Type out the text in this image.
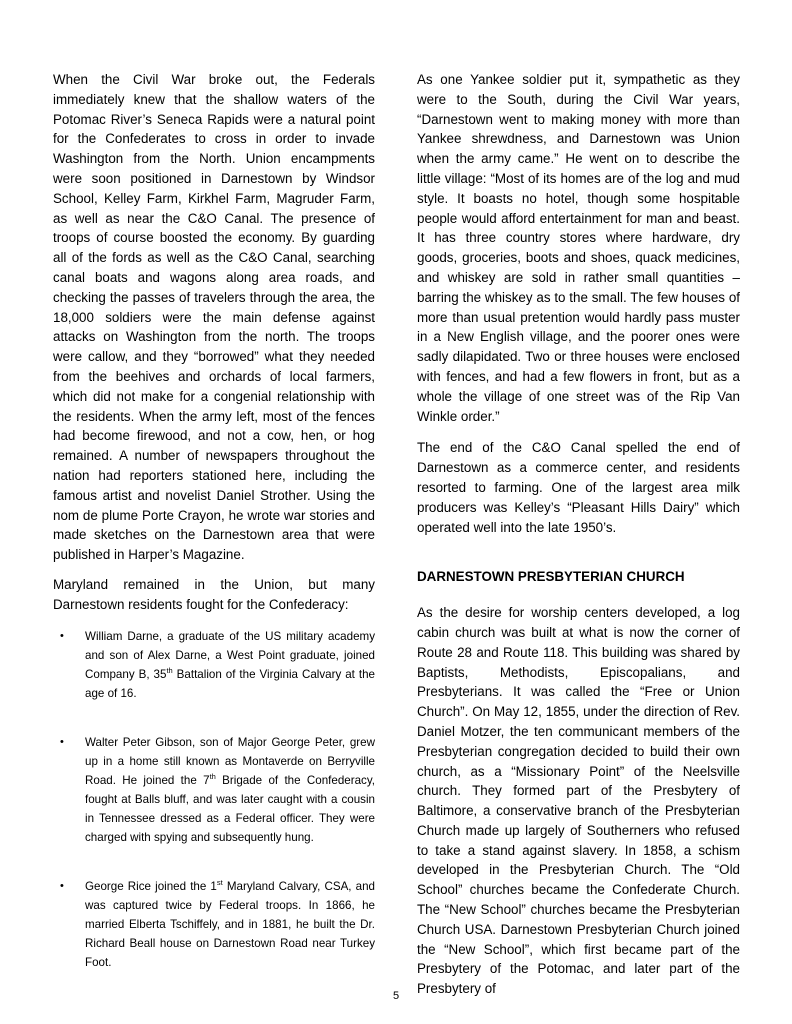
When the Civil War broke out, the Federals immediately knew that the shallow waters of the Potomac River’s Seneca Rapids were a natural point for the Confederates to cross in order to invade Washington from the North. Union encampments were soon positioned in Darnestown by Windsor School, Kelley Farm, Kirkhel Farm, Magruder Farm, as well as near the C&O Canal. The presence of troops of course boosted the economy. By guarding all of the fords as well as the C&O Canal, searching canal boats and wagons along area roads, and checking the passes of travelers through the area, the 18,000 soldiers were the main defense against attacks on Washington from the north. The troops were callow, and they “borrowed” what they needed from the beehives and orchards of local farmers, which did not make for a congenial relationship with the residents. When the army left, most of the fences had become firewood, and not a cow, hen, or hog remained. A number of newspapers throughout the nation had reporters stationed here, including the famous artist and novelist Daniel Strother. Using the nom de plume Porte Crayon, he wrote war stories and made sketches on the Darnestown area that were published in Harper’s Magazine.

Maryland remained in the Union, but many Darnestown residents fought for the Confederacy:

• William Darne, a graduate of the US military academy and son of Alex Darne, a West Point graduate, joined Company B, 35th Battalion of the Virginia Calvary at the age of 16.
• Walter Peter Gibson, son of Major George Peter, grew up in a home still known as Montaverde on Berryville Road. He joined the 7th Brigade of the Confederacy, fought at Balls bluff, and was later caught with a cousin in Tennessee dressed as a Federal officer. They were charged with spying and subsequently hung.
• George Rice joined the 1st Maryland Calvary, CSA, and was captured twice by Federal troops. In 1866, he married Elberta Tschiffely, and in 1881, he built the Dr. Richard Beall house on Darnestown Road near Turkey Foot.

As one Yankee soldier put it, sympathetic as they were to the South, during the Civil War years, “Darnestown went to making money with more than Yankee shrewdness, and Darnestown was Union when the army came.” He went on to describe the little village: “Most of its homes are of the log and mud style. It boasts no hotel, though some hospitable people would afford entertainment for man and beast. It has three country stores where hardware, dry goods, groceries, boots and shoes, quack medicines, and whiskey are sold in rather small quantities – barring the whiskey as to the small. The few houses of more than usual pretention would hardly pass muster in a New English village, and the poorer ones were sadly dilapidated. Two or three houses were enclosed with fences, and had a few flowers in front, but as a whole the village of one street was of the Rip Van Winkle order.”

The end of the C&O Canal spelled the end of Darnestown as a commerce center, and residents resorted to farming. One of the largest area milk producers was Kelley’s “Pleasant Hills Dairy” which operated well into the late 1950’s.

DARNESTOWN PRESBYTERIAN CHURCH

As the desire for worship centers developed, a log cabin church was built at what is now the corner of Route 28 and Route 118. This building was shared by Baptists, Methodists, Episcopalians, and Presbyterians. It was called the “Free or Union Church”. On May 12, 1855, under the direction of Rev. Daniel Motzer, the ten communicant members of the Presbyterian congregation decided to build their own church, as a “Missionary Point” of the Neelsville church. They formed part of the Presbytery of Baltimore, a conservative branch of the Presbyterian Church made up largely of Southerners who refused to take a stand against slavery. In 1858, a schism developed in the Presbyterian Church. The “Old School” churches became the Confederate Church. The “New School” churches became the Presbyterian Church USA. Darnestown Presbyterian Church joined the “New School”, which first became part of the Presbytery of the Potomac, and later part of the Presbytery of

5
